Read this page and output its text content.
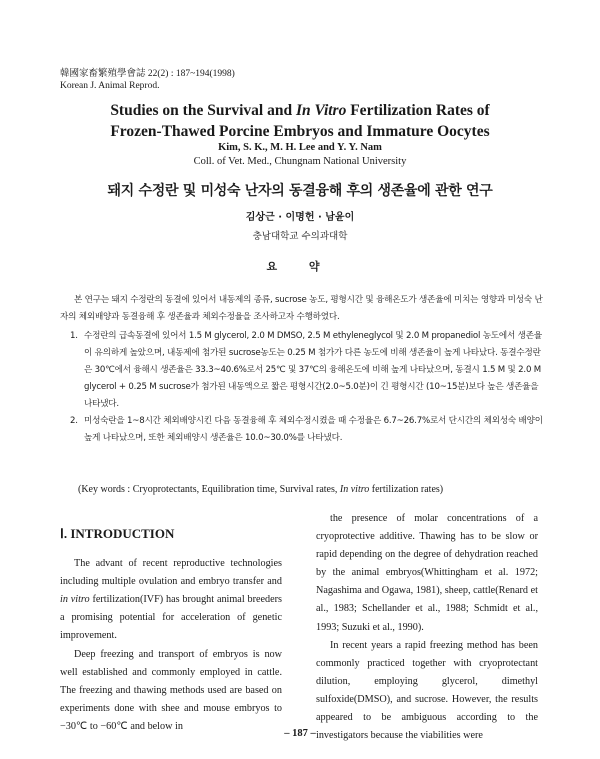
韓國家畜繁殖學會誌 22(2) : 187~194(1998)
Korean J. Animal Reprod.
Studies on the Survival and In Vitro Fertilization Rates of
Frozen-Thawed Porcine Embryos and Immature Oocytes
Kim, S. K., M. H. Lee and Y. Y. Nam
Coll. of Vet. Med., Chungnam National University
돼지 수정란 및 미성숙 난자의 동결융해 후의 생존율에 관한 연구
김상근 · 이명헌 · 남윤이
충남대학교 수의과대학
요 약

본 연구는 돼지 수정란의 동결에 있어서 내동제의 종류, sucrose 농도, 평형시간 및 융해온도가 생존율에 미치는 영향과 미성숙 난자의 체외배양과 동결융해 후 생존율과 체외수정율을 조사하고자 수행하였다.

1. 수정란의 급속동결에 있어서 1.5 M glycerol, 2.0 M DMSO, 2.5 M ethyleneglycol 및 2.0 M propanediol 농도에서 생존율이 유의하게 높았으며, 내동제에 첨가된 sucrose농도는 0.25 M 첨가가 다른 농도에 비해 생존율이 높게 나타났다. 동결수정란은 30℃에서 융해시 생존율은 33.3~40.6%로서 25℃ 및 37℃의 융해온도에 비해 높게 나타났으며, 동결시 1.5 M 및 2.0 M glycerol + 0.25 M sucrose가 첨가된 내동액으로 짧은 평형시간(2.0~5.0분)이 긴 평형시간 (10~15분)보다 높은 생존율을 나타냈다.
2. 미성숙란을 1~8시간 체외배양시킨 다음 동결융해 후 체외수정시켰을 때 수정율은 6.7~26.7%로서 단시간의 체외성숙 배양이 높게 나타났으며, 또한 체외배양시 생존율은 10.0~30.0%를 나타냈다.
(Key words : Cryoprotectants, Equilibration time, Survival rates, In vitro fertilization rates)

Ⅰ. INTRODUCTION

The advant of recent reproductive technologies including multiple ovulation and embryo transfer and in vitro fertilization(IVF) has brought animal breeders a promising potential for acceleration of genetic improvement.

Deep freezing and transport of embryos is now well established and commonly employed in cattle. The freezing and thawing methods used are based on experiments done with shee and mouse embryos to −30℃ to −60℃ and below in

the presence of molar concentrations of a cryoprotective additive. Thawing has to be slow or rapid depending on the degree of dehydration reached by the animal embryos(Whittingham et al. 1972; Nagashima and Ogawa, 1981), sheep, cattle(Renard et al., 1983; Schellander et al., 1988; Schmidt et al., 1993; Suzuki et al., 1990).

In recent years a rapid freezing method has been commonly practiced together with cryoprotectant dilution, employing glycerol, dimethyl sulfoxide(DMSO), and sucrose. However, the results appeared to be ambiguous according to the investigators because the viabilities were

– 187 –
